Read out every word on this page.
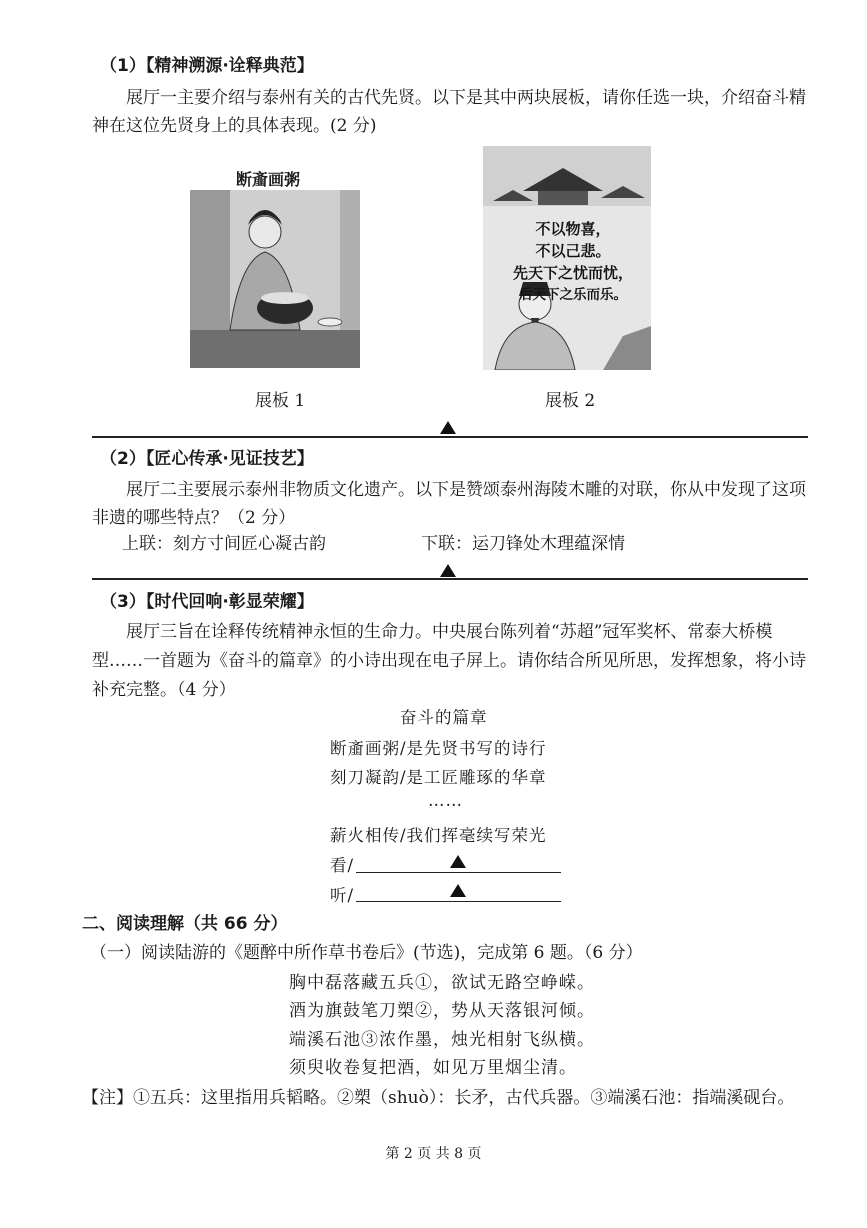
（1）【精神溯源·诠释典范】
展厅一主要介绍与泰州有关的古代先贤。以下是其中两块展板，请你任选一块，介绍奋斗精神在这位先贤身上的具体表现。(2 分)
断齑画粥
展板 1
不以物喜，
不以己悲。
先天下之忧而忧，
后天下之乐而乐。
展板 2
（2）【匠心传承·见证技艺】
展厅二主要展示泰州非物质文化遗产。以下是赞颂泰州海陵木雕的对联，你从中发现了这项非遗的哪些特点？（2 分）
上联：刻方寸间匠心凝古韵	下联：运刀锋处木理蕴深情
（3）【时代回响·彰显荣耀】
展厅三旨在诠释传统精神永恒的生命力。中央展台陈列着“苏超”冠军奖杯、常泰大桥模型……一首题为《奋斗的篇章》的小诗出现在电子屏上。请你结合所见所思，发挥想象，将小诗补充完整。（4 分）
奋斗的篇章
断齑画粥/是先贤书写的诗行
刻刀凝韵/是工匠雕琢的华章
……
薪火相传/我们挥毫续写荣光
看/
听/
二、阅读理解（共 66 分）
（一）阅读陆游的《题醉中所作草书卷后》(节选)，完成第 6 题。（6 分）
胸中磊落藏五兵①，欲试无路空峥嵘。
酒为旗鼓笔刀槊②，势从天落银河倾。
端溪石池③浓作墨，烛光相射飞纵横。
须臾收卷复把酒，如见万里烟尘清。
【注】①五兵：这里指用兵韬略。②槊（shuò）：长矛，古代兵器。③端溪石池：指端溪砚台。
第 2 页 共 8 页
